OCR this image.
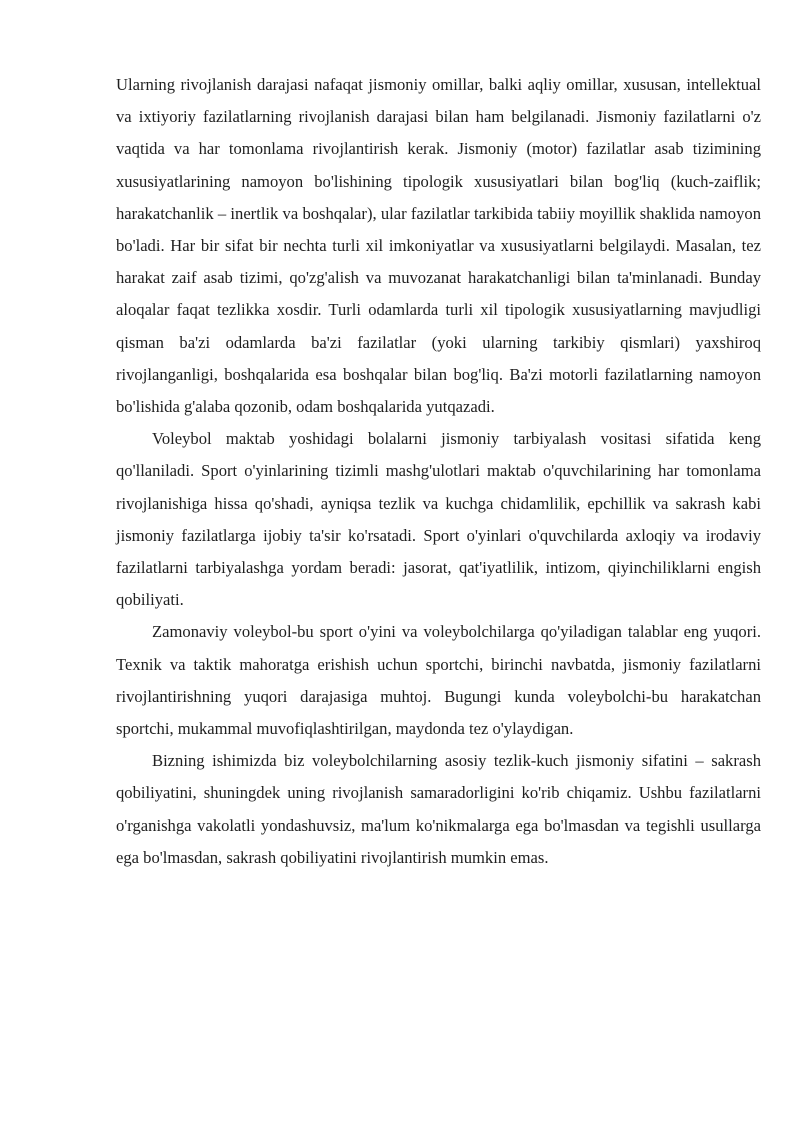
Ularning rivojlanish darajasi nafaqat jismoniy omillar, balki aqliy omillar, xususan, intellektual va ixtiyoriy fazilatlarning rivojlanish darajasi bilan ham belgilanadi. Jismoniy fazilatlarni o'z vaqtida va har tomonlama rivojlantirish kerak. Jismoniy (motor) fazilatlar asab tizimining xususiyatlarining namoyon bo'lishining tipologik xususiyatlari bilan bog'liq (kuch-zaiflik; harakatchanlik – inertlik va boshqalar), ular fazilatlar tarkibida tabiiy moyillik shaklida namoyon bo'ladi. Har bir sifat bir nechta turli xil imkoniyatlar va xususiyatlarni belgilaydi. Masalan, tez harakat zaif asab tizimi, qo'zg'alish va muvozanat harakatchanligi bilan ta'minlanadi. Bunday aloqalar faqat tezlikka xosdir. Turli odamlarda turli xil tipologik xususiyatlarning mavjudligi qisman ba'zi odamlarda ba'zi fazilatlar (yoki ularning tarkibiy qismlari) yaxshiroq rivojlanganligi, boshqalarida esa boshqalar bilan bog'liq. Ba'zi motorli fazilatlarning namoyon bo'lishida g'alaba qozonib, odam boshqalarida yutqazadi.

Voleybol maktab yoshidagi bolalarni jismoniy tarbiyalash vositasi sifatida keng qo'llaniladi. Sport o'yinlarining tizimli mashg'ulotlari maktab o'quvchilarining har tomonlama rivojlanishiga hissa qo'shadi, ayniqsa tezlik va kuchga chidamlilik, epchillik va sakrash kabi jismoniy fazilatlarga ijobiy ta'sir ko'rsatadi. Sport o'yinlari o'quvchilarda axloqiy va irodaviy fazilatlarni tarbiyalashga yordam beradi: jasorat, qat'iyatlilik, intizom, qiyinchiliklarni engish qobiliyati.

Zamonaviy voleybol-bu sport o'yini va voleybolchilarga qo'yiladigan talablar eng yuqori. Texnik va taktik mahoratga erishish uchun sportchi, birinchi navbatda, jismoniy fazilatlarni rivojlantirishning yuqori darajasiga muhtoj. Bugungi kunda voleybolchi-bu harakatchan sportchi, mukammal muvofiqlashtirilgan, maydonda tez o'ylaydigan.

Bizning ishimizda biz voleybolchilarning asosiy tezlik-kuch jismoniy sifatini – sakrash qobiliyatini, shuningdek uning rivojlanish samaradorligini ko'rib chiqamiz. Ushbu fazilatlarni o'rganishga vakolatli yondashuvsiz, ma'lum ko'nikmalarga ega bo'lmasdan va tegishli usullarga ega bo'lmasdan, sakrash qobiliyatini rivojlantirish mumkin emas.
